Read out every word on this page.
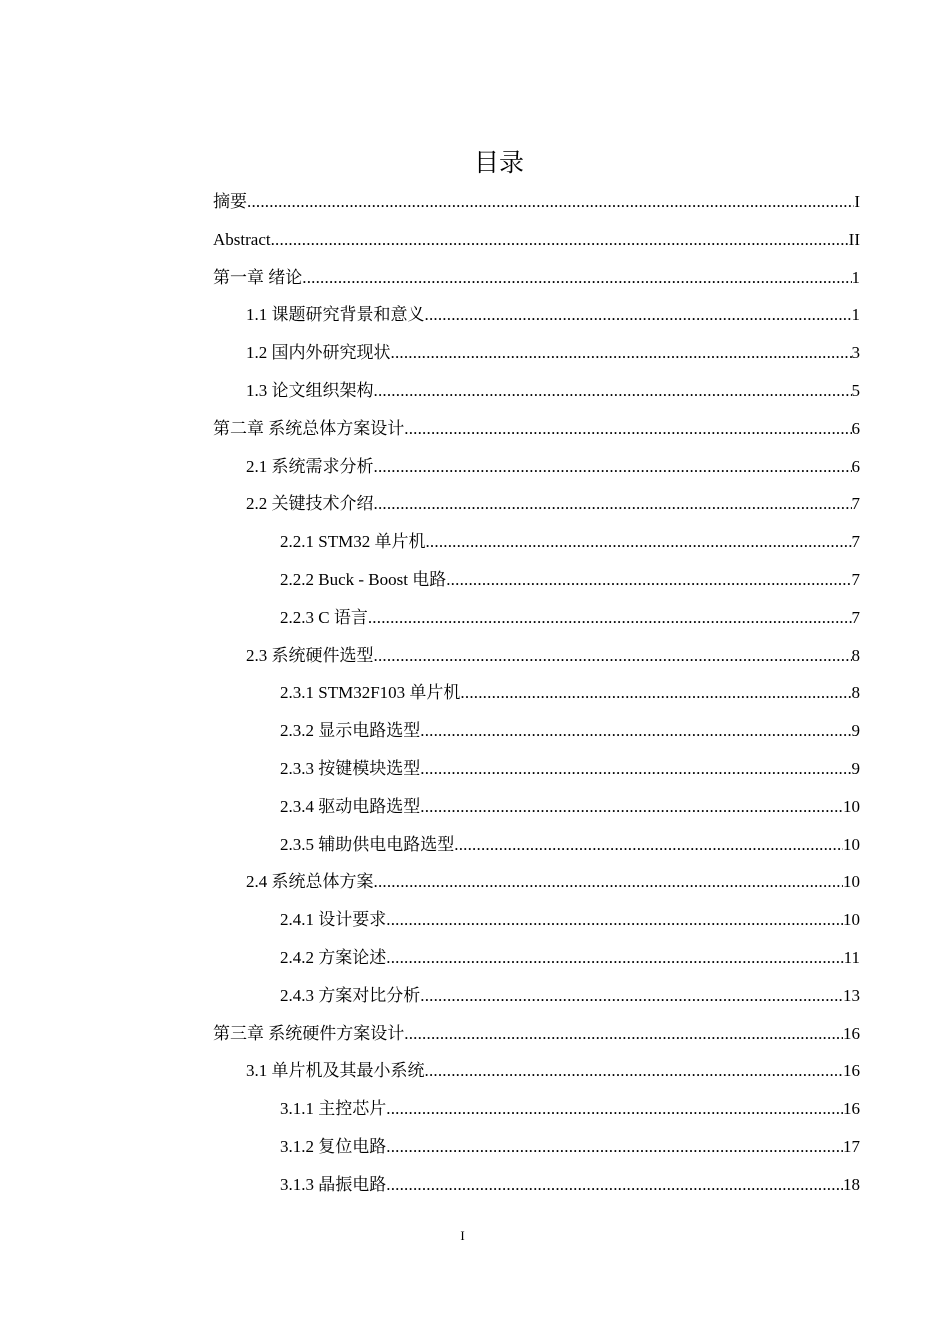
目录
摘要 .....	I
Abstract .....	II
第一章 绪论 .....	1
1.1 课题研究背景和意义 .....	1
1.2 国内外研究现状 .....	3
1.3 论文组织架构 .....	5
第二章 系统总体方案设计 .....	6
2.1 系统需求分析 .....	6
2.2 关键技术介绍 .....	7
2.2.1 STM32 单片机 .....	7
2.2.2 Buck - Boost 电路 .....	7
2.2.3 C 语言 .....	7
2.3 系统硬件选型 .....	8
2.3.1 STM32F103 单片机 .....	8
2.3.2 显示电路选型 .....	9
2.3.3 按键模块选型 .....	9
2.3.4 驱动电路选型 .....	10
2.3.5 辅助供电电路选型 .....	10
2.4 系统总体方案 .....	10
2.4.1 设计要求 .....	10
2.4.2 方案论述 .....	11
2.4.3 方案对比分析 .....	13
第三章 系统硬件方案设计 .....	16
3.1 单片机及其最小系统 .....	16
3.1.1 主控芯片 .....	16
3.1.2 复位电路 .....	17
3.1.3 晶振电路 .....	18
I
